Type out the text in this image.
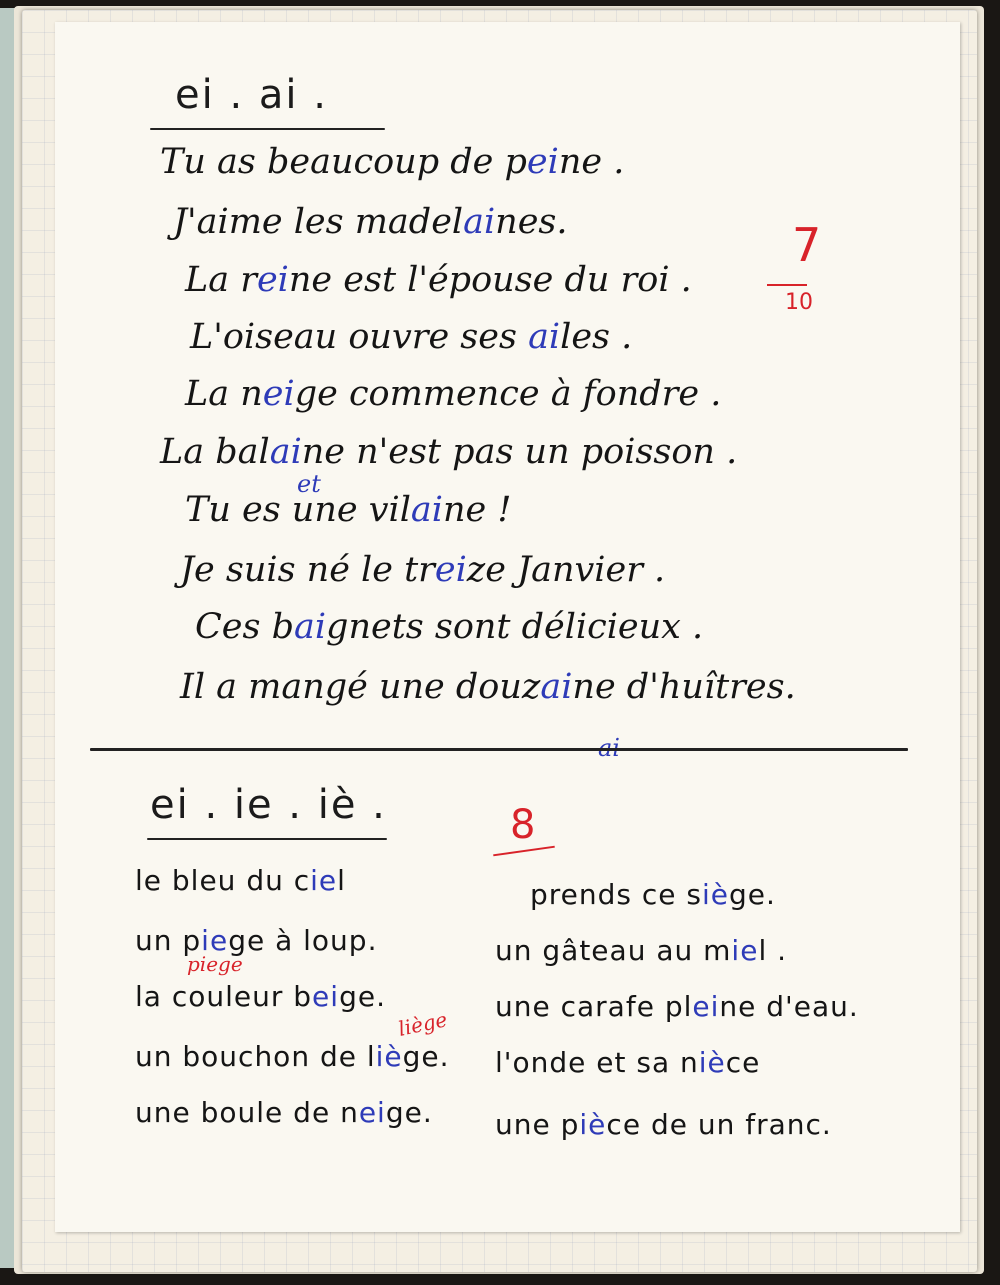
ei . ai .
Tu as beaucoup de peine .
J'aime les madelaines.
La reine est l'épouse du roi .
L'oiseau ouvre ses ailes .
La neige commence à fondre .
La balaine n'est pas un poisson .
Tu es une vilaine !
Je suis né le treize Janvier .
Ces baignets sont délicieux .
Il a mangé une douzaine d'huîtres.
et
7
10
ei . ie . iè .	8
le bleu du ciel
un piege à loup.
la couleur beige.
un bouchon de liège.
une boule de neige.
prends ce siège.
un gâteau au miel .
une carafe pleine d'eau.
l'onde et sa nièce
une pièce de un franc.
piege
liège
